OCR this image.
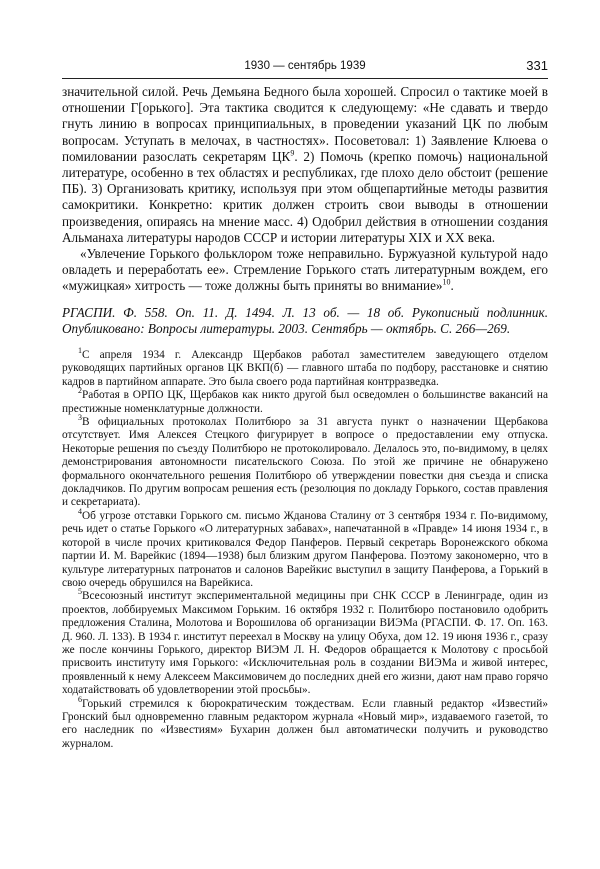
1930 — сентябрь 1939	331

значительной силой. Речь Демьяна Бедного была хорошей. Спросил о тактике моей в отношении Г[орького]. Эта тактика сводится к следующему: «Не сдавать и твердо гнуть линию в вопросах принципиальных, в проведении указаний ЦК по любым вопросам. Уступать в мелочах, в частностях». Посоветовал: 1) Заявление Клюева о помиловании разослать секретарям $ЦК^9$. 2) Помочь (крепко помочь) национальной литературе, особенно в тех областях и республиках, где плохо дело обстоит (решение ПБ). 3) Организовать критику, используя при этом общепартийные методы развития самокритики. Конкретно: критик должен строить свои выводы в отношении произведения, опираясь на мнение масс. 4) Одобрил действия в отношении создания Альманаха литературы народов СССР и истории литературы XIX и XX века.

«Увлечение Горького фольклором тоже неправильно. Буржуазной культурой надо овладеть и переработать ее». Стремление Горького стать литературным вождем, его «мужицкая» хитрость — тоже должны быть приняты во внимание»$^{10}$.

РГАСПИ. Ф. 558. Оп. 11. Д. 1494. Л. 13 об. — 18 об. Рукописный подлинник. Опубликовано: Вопросы литературы. 2003. Сентябрь — октябрь. С. 266—269.

$^1$С апреля 1934 г. Александр Щербаков работал заместителем заведующего отделом руководящих партийных органов ЦК ВКП(б) — главного штаба по подбору, расстановке и снятию кадров в партийном аппарате. Это была своего рода партийная контрразведка.

$^2$Работая в ОРПО ЦК, Щербаков как никто другой был осведомлен о большинстве вакансий на престижные номенклатурные должности.

$^3$В официальных протоколах Политбюро за 31 августа пункт о назначении Щербакова отсутствует. Имя Алексея Стецкого фигурирует в вопросе о предоставлении ему отпуска. Некоторые решения по съезду Политбюро не протоколировало. Делалось это, по-видимому, в целях демонстрирования автономности писательского Союза. По этой же причине не обнаружено формального окончательного решения Политбюро об утверждении повестки дня съезда и списка докладчиков. По другим вопросам решения есть (резолюция по докладу Горького, состав правления и секретариата).

$^4$Об угрозе отставки Горького см. письмо Жданова Сталину от 3 сентября 1934 г. По-видимому, речь идет о статье Горького «О литературных забавах», напечатанной в «Правде» 14 июня 1934 г., в которой в числе прочих критиковался Федор Панферов. Первый секретарь Воронежского обкома партии И. М. Варейкис (1894—1938) был близким другом Панферова. Поэтому закономерно, что в культуре литературных патронатов и салонов Варейкис выступил в защиту Панферова, а Горький в свою очередь обрушился на Варейкиса.

$^5$Всесоюзный институт экспериментальной медицины при СНК СССР в Ленинграде, один из проектов, лоббируемых Максимом Горьким. 16 октября 1932 г. Политбюро постановило одобрить предложения Сталина, Молотова и Ворошилова об организации ВИЭМа (РГАСПИ. Ф. 17. Оп. 163. Д. 960. Л. 133). В 1934 г. институт переехал в Москву на улицу Обуха, дом 12. 19 июня 1936 г., сразу же после кончины Горького, директор ВИЭМ Л. Н. Федоров обращается к Молотову с просьбой присвоить институту имя Горького: «Исключительная роль в создании ВИЭМа и живой интерес, проявленный к нему Алексеем Максимовичем до последних дней его жизни, дают нам право горячо ходатайствовать об удовлетворении этой просьбы».

$^6$Горький стремился к бюрократическим тождествам. Если главный редактор «Известий» Гронский был одновременно главным редактором журнала «Новый мир», издаваемого газетой, то его наследник по «Известиям» Бухарин должен был автоматически получить и руководство журналом.
